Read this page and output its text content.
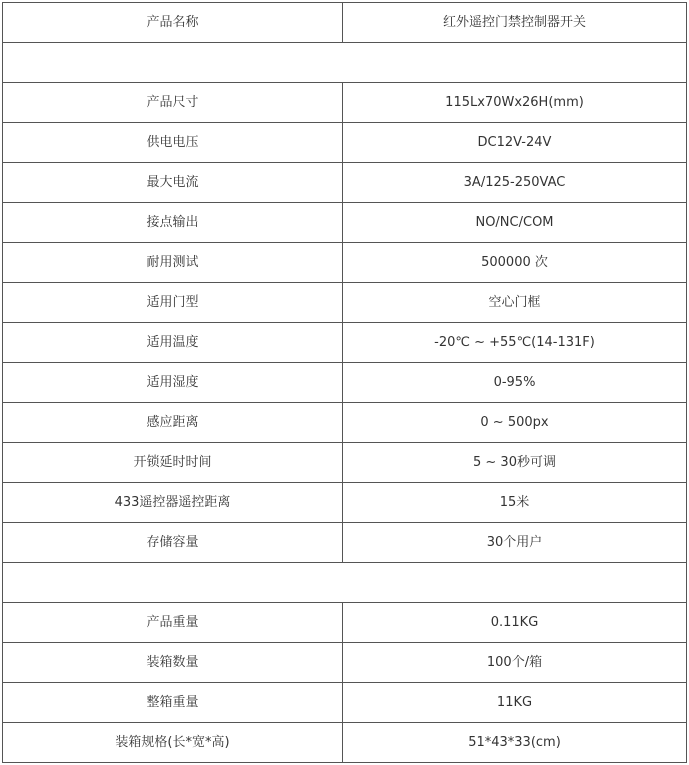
产品名称	红外遥控门禁控制器开关

产品尺寸	115Lx70Wx26H(mm)
供电电压	DC12V-24V
最大电流	3A/125-250VAC
接点输出	NO/NC/COM
耐用测试	500000 次
适用门型	空心门框
适用温度	-20℃ ~ +55℃(14-131F)
适用湿度	0-95%
感应距离	0 ~ 500px
开锁延时时间	5 ~ 30秒可调
433遥控器遥控距离	15米
存储容量	30个用户

产品重量	0.11KG
装箱数量	100个/箱
整箱重量	11KG
装箱规格(长*宽*高)	51*43*33(cm)
